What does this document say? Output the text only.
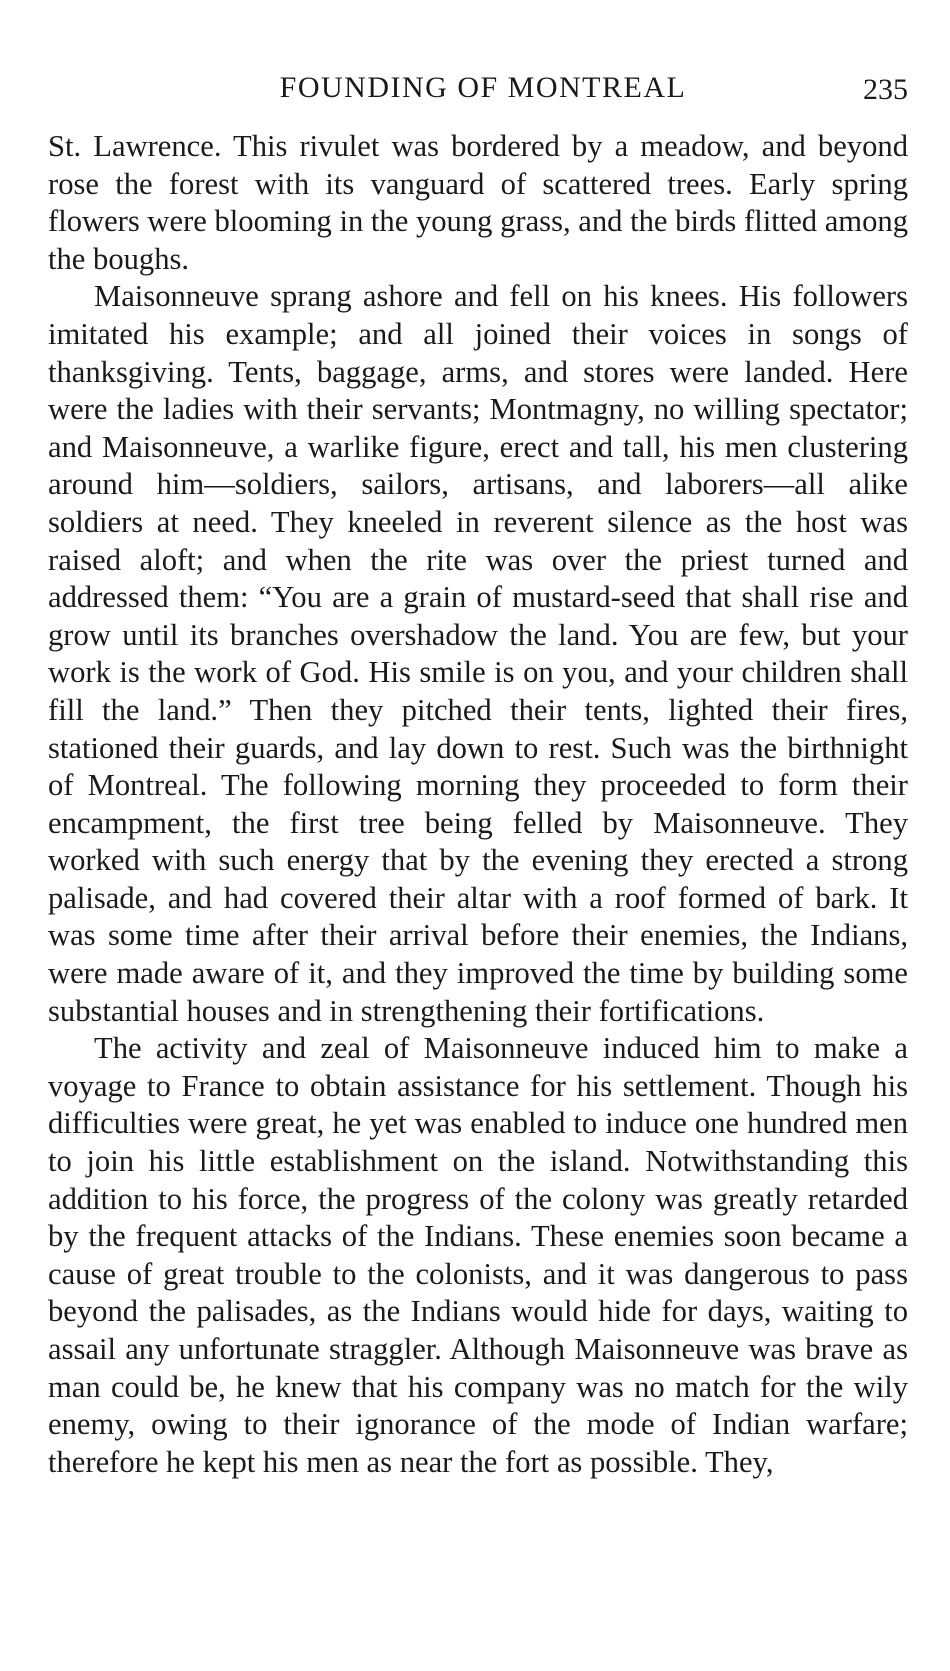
FOUNDING OF MONTREAL	235

St. Lawrence. This rivulet was bordered by a meadow, and beyond rose the forest with its vanguard of scattered trees. Early spring flowers were blooming in the young grass, and the birds flitted among the boughs.

Maisonneuve sprang ashore and fell on his knees. His followers imitated his example; and all joined their voices in songs of thanksgiving. Tents, baggage, arms, and stores were landed. Here were the ladies with their servants; Montmagny, no willing spectator; and Maisonneuve, a warlike figure, erect and tall, his men clustering around him—soldiers, sailors, artisans, and laborers—all alike soldiers at need. They kneeled in reverent silence as the host was raised aloft; and when the rite was over the priest turned and addressed them: “You are a grain of mustard-seed that shall rise and grow until its branches overshadow the land. You are few, but your work is the work of God. His smile is on you, and your children shall fill the land.” Then they pitched their tents, lighted their fires, stationed their guards, and lay down to rest. Such was the birthnight of Montreal. The following morning they proceeded to form their encampment, the first tree being felled by Maisonneuve. They worked with such energy that by the evening they erected a strong palisade, and had covered their altar with a roof formed of bark. It was some time after their arrival before their enemies, the Indians, were made aware of it, and they improved the time by building some substantial houses and in strengthening their fortifications.

The activity and zeal of Maisonneuve induced him to make a voyage to France to obtain assistance for his settlement. Though his difficulties were great, he yet was enabled to induce one hundred men to join his little establishment on the island. Notwithstanding this addition to his force, the progress of the colony was greatly retarded by the frequent attacks of the Indians. These enemies soon became a cause of great trouble to the colonists, and it was dangerous to pass beyond the palisades, as the Indians would hide for days, waiting to assail any unfortunate straggler. Although Maisonneuve was brave as man could be, he knew that his company was no match for the wily enemy, owing to their ignorance of the mode of Indian warfare; therefore he kept his men as near the fort as possible. They,
